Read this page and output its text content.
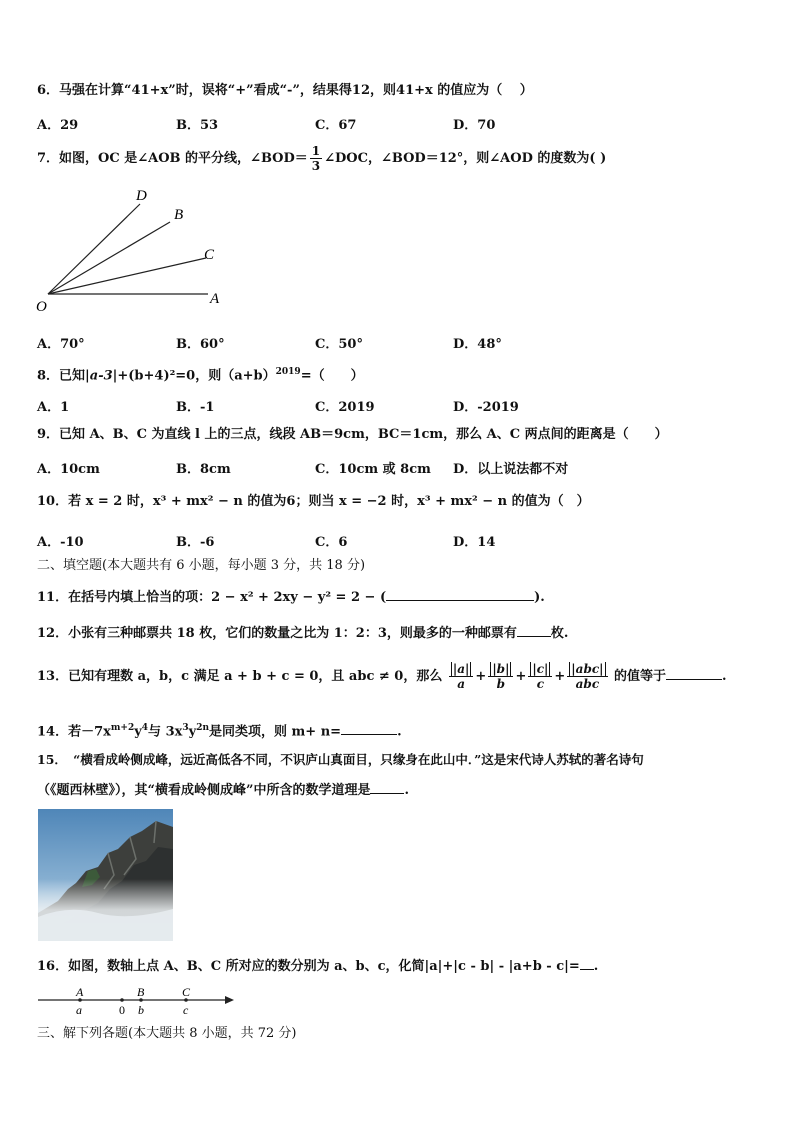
6．马强在计算“41+x”时，误将“+”看成“-”，结果得12，则41+x 的值应为（　 ）
A．29	B．53	C．67	D．70
7．如图，OC 是∠AOB 的平分线，∠BOD＝ $\frac{1}{3}$ ∠DOC，∠BOD＝12°，则∠AOD 的度数为( )
D
B
C
O	A
A．70°	B．60°	C．50°	D．48°
8．已知|a-3|+(b+4)²=0，则$(a+b)^{2019}=$（　　）
A．1	B．-1	C．2019	D．-2019
9．已知 A、B、C 为直线 l 上的三点，线段 AB＝9cm，BC＝1cm，那么 A、C 两点间的距离是（　　）
A．10cm	B．8cm	C．10cm 或 8cm D．以上说法都不对
10．若 x = 2 时，x³ + mx² − n 的值为6；则当 x = −2 时，x³ + mx² − n 的值为（　）
A．-10	B．-6	C．6	D．14
二、填空题(本大题共有 6 小题，每小题 3 分，共 18 分)
11．在括号内填上恰当的项：2 − x² + 2xy − y² = 2 − (	).
12．小张有三种邮票共 18 枚，它们的数量之比为 1：2：3，则最多的一种邮票有	枚.
13．已知有理数 a，b，c 满足 a + b + c = 0，且 abc ≠ 0，那么 $\frac{|a|}{a} + \frac{|b|}{b} + \frac{|c|}{c} + \frac{\text{|abc|}}{\text{abc}}$ 的值等于	.
14．若$-7x^{m+2}y^4$与 $3x^3y^{2n}$是同类项，则 m+ n=	.
15．　“横看成岭侧成峰，远近高低各不同，不识庐山真面目，只缘身在此山中．”这是宋代诗人苏轼的著名诗句
（《题西林壁》），其“横看成岭侧成峰”中所含的数学道理是	.
16．如图，数轴上点 A、B、C 所对应的数分别为 a、b、c，化简|a|+|c - b| - |a+b - c|= .
A
a	0
B
b
C
c
三、解下列各题(本大题共 8 小题，共 72 分)
